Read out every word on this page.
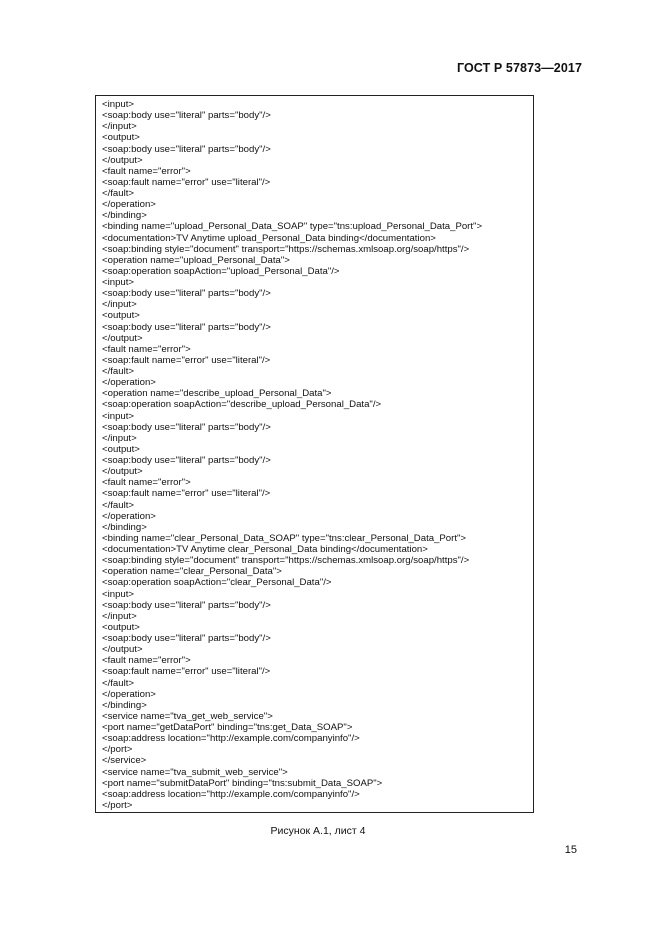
ГОСТ Р 57873—2017
<input>
<soap:body use="literal" parts="body"/>
</input>
<output>
<soap:body use="literal" parts="body"/>
</output>
<fault name="error">
<soap:fault name="error" use="literal"/>
</fault>
</operation>
</binding>
<binding name="upload_Personal_Data_SOAP" type="tns:upload_Personal_Data_Port">
<documentation>TV Anytime upload_Personal_Data binding</documentation>
<soap:binding style="document" transport="https://schemas.xmlsoap.org/soap/https"/>
<operation name="upload_Personal_Data">
<soap:operation soapAction="upload_Personal_Data"/>
<input>
<soap:body use="literal" parts="body"/>
</input>
<output>
<soap:body use="literal" parts="body"/>
</output>
<fault name="error">
<soap:fault name="error" use="literal"/>
</fault>
</operation>
<operation name="describe_upload_Personal_Data">
<soap:operation soapAction="describe_upload_Personal_Data"/>
<input>
<soap:body use="literal" parts="body"/>
</input>
<output>
<soap:body use="literal" parts="body"/>
</output>
<fault name="error">
<soap:fault name="error" use="literal"/>
</fault>
</operation>
</binding>
<binding name="clear_Personal_Data_SOAP" type="tns:clear_Personal_Data_Port">
<documentation>TV Anytime clear_Personal_Data binding</documentation>
<soap:binding style="document" transport="https://schemas.xmlsoap.org/soap/https"/>
<operation name="clear_Personal_Data">
<soap:operation soapAction="clear_Personal_Data"/>
<input>
<soap:body use="literal" parts="body"/>
</input>
<output>
<soap:body use="literal" parts="body"/>
</output>
<fault name="error">
<soap:fault name="error" use="literal"/>
</fault>
</operation>
</binding>
<service name="tva_get_web_service">
<port name="getDataPort" binding="tns:get_Data_SOAP">
<soap:address location="http://example.com/companyinfo"/>
</port>
</service>
<service name="tva_submit_web_service">
<port name="submitDataPort" binding="tns:submit_Data_SOAP">
<soap:address location="http://example.com/companyinfo"/>
</port>
Рисунок А.1, лист 4
15
